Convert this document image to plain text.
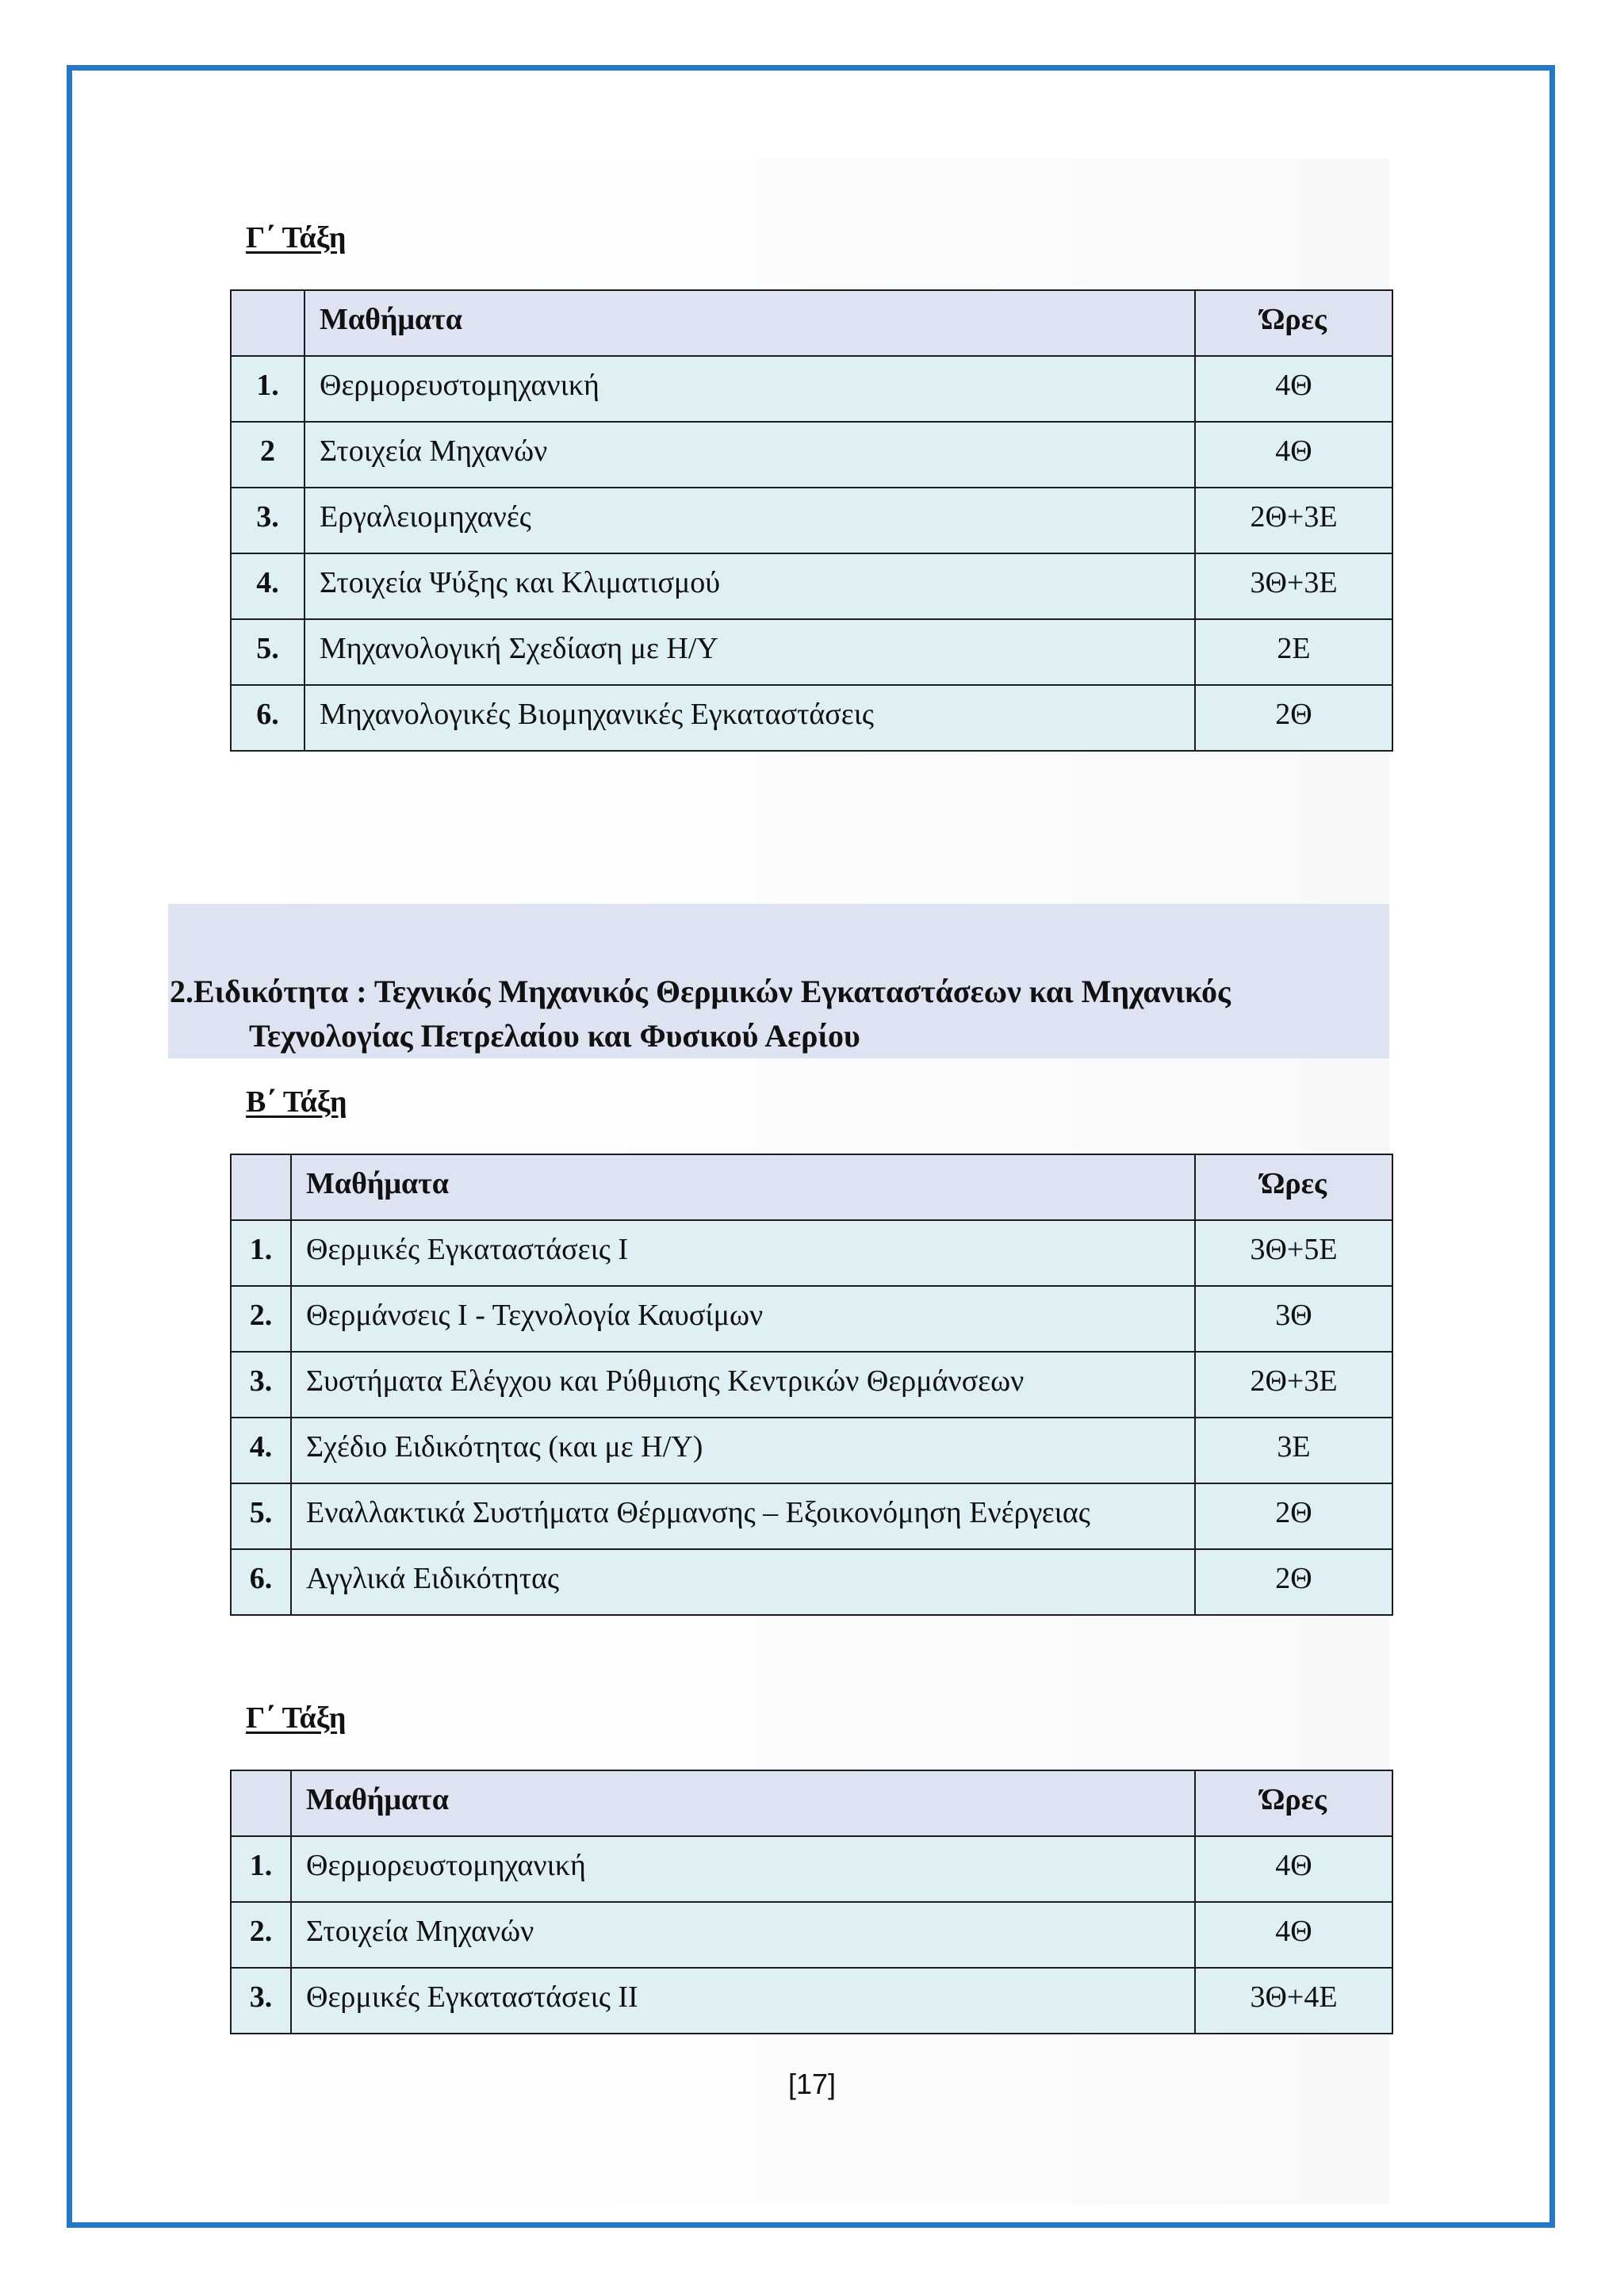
Γ΄ Τάξη
	Μαθήματα	Ώρες
1.	Θερμορευστομηχανική	4Θ
2	Στοιχεία Μηχανών	4Θ
3.	Εργαλειομηχανές	2Θ+3Ε
4.	Στοιχεία Ψύξης και Κλιματισμού	3Θ+3Ε
5.	Μηχανολογική Σχεδίαση με Η/Υ	2Ε
6.	Μηχανολογικές Βιομηχανικές Εγκαταστάσεις	2Θ
2.Ειδικότητα : Τεχνικός Μηχανικός Θερμικών Εγκαταστάσεων και Μηχανικός Τεχνολογίας Πετρελαίου και Φυσικού Αερίου
Β΄ Τάξη
	Μαθήματα	Ώρες
1.	Θερμικές Εγκαταστάσεις Ι	3Θ+5Ε
2.	Θερμάνσεις Ι - Τεχνολογία Καυσίμων	3Θ
3.	Συστήματα Ελέγχου και Ρύθμισης Κεντρικών Θερμάνσεων	2Θ+3Ε
4.	Σχέδιο Ειδικότητας (και με Η/Υ)	3Ε
5.	Εναλλακτικά Συστήματα Θέρμανσης – Εξοικονόμηση Ενέργειας	2Θ
6.	Αγγλικά Ειδικότητας	2Θ
Γ΄ Τάξη
	Μαθήματα	Ώρες
1.	Θερμορευστομηχανική	4Θ
2.	Στοιχεία Μηχανών	4Θ
3.	Θερμικές Εγκαταστάσεις ΙΙ	3Θ+4Ε
[17]
